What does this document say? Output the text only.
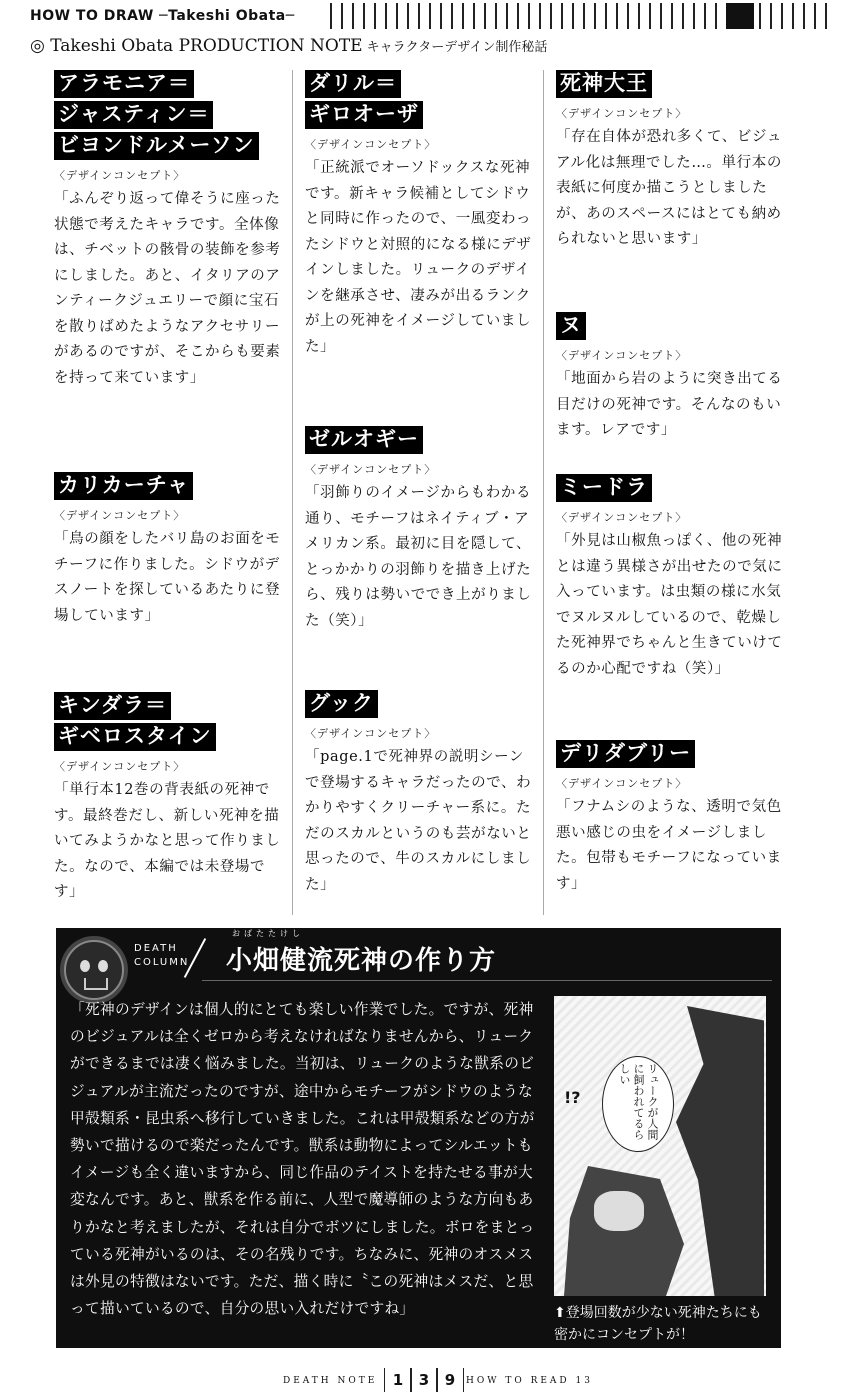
HOW TO DRAW ─Takeshi Obata─
◎ Takeshi Obata PRODUCTION NOTE キャラクターデザイン制作秘話
アラモニア＝
ジャスティン＝
ビヨンドルメーソン
〈デザインコンセプト〉

「ふんぞり返って偉そうに座った状態で考えたキャラです。全体像は、チベットの骸骨の装飾を参考にしました。あと、イタリアのアンティークジュエリーで顔に宝石を散りばめたようなアクセサリーがあるのですが、そこからも要素を持って来ています」

カリカーチャ
〈デザインコンセプト〉

「鳥の顔をしたバリ島のお面をモチーフに作りました。シドウがデスノートを探しているあたりに登場しています」

キンダラ＝
ギベロスタイン
〈デザインコンセプト〉

「単行本12巻の背表紙の死神です。最終巻だし、新しい死神を描いてみようかなと思って作りました。なので、本編では未登場です」

ダリル＝
ギロオーザ
〈デザインコンセプト〉

「正統派でオーソドックスな死神です。新キャラ候補としてシドウと同時に作ったので、一風変わったシドウと対照的になる様にデザインしました。リュークのデザインを継承させ、凄みが出るランクが上の死神をイメージしていました」

ゼルオギー
〈デザインコンセプト〉

「羽飾りのイメージからもわかる通り、モチーフはネイティブ・アメリカン系。最初に目を隠して、とっかかりの羽飾りを描き上げたら、残りは勢いででき上がりました（笑）」

グック
〈デザインコンセプト〉

「page.1で死神界の説明シーンで登場するキャラだったので、わかりやすくクリーチャー系に。ただのスカルというのも芸がないと思ったので、牛のスカルにしました」

死神大王
〈デザインコンセプト〉

「存在自体が恐れ多くて、ビジュアル化は無理でした…。単行本の表紙に何度か描こうとしましたが、あのスペースにはとても納められないと思います」

ヌ
〈デザインコンセプト〉

「地面から岩のように突き出てる目だけの死神です。そんなのもいます。レアです」

ミードラ
〈デザインコンセプト〉

「外見は山椒魚っぽく、他の死神とは違う異様さが出せたので気に入っています。は虫類の様に水気でヌルヌルしているので、乾燥した死神界でちゃんと生きていけてるのか心配ですね（笑）」

デリダブリー
〈デザインコンセプト〉

「フナムシのような、透明で気色悪い感じの虫をイメージしました。包帯もモチーフになっています」

DEATH
COLUMN
おばたたけし
小畑健流死神の作り方

「死神のデザインは個人的にとても楽しい作業でした。ですが、死神のビジュアルは全くゼロから考えなければなりませんから、リュークができるまでは凄く悩みました。当初は、リュークのような獣系のビジュアルが主流だったのですが、途中からモチーフがシドウのような甲殻類系・昆虫系へ移行していきました。これは甲殻類系などの方が勢いで描けるので楽だったんです。獣系は動物によってシルエットもイメージも全く違いますから、同じ作品のテイストを持たせる事が大変なんです。あと、獣系を作る前に、人型で魔導師のような方向もありかなと考えましたが、それは自分でボツにしました。ボロをまとっている死神がいるのは、その名残りです。ちなみに、死神のオスメスは外見の特徴はないです。ただ、描く時に〝この死神はメスだ、と思って描いているので、自分の思い入れだけですね」

!?	リュークが人間に飼われてるらしい
⬆登場回数が少ない死神たちにも密かにコンセプトが！
DEATH NOTE	1	3	9	HOW TO READ 13
